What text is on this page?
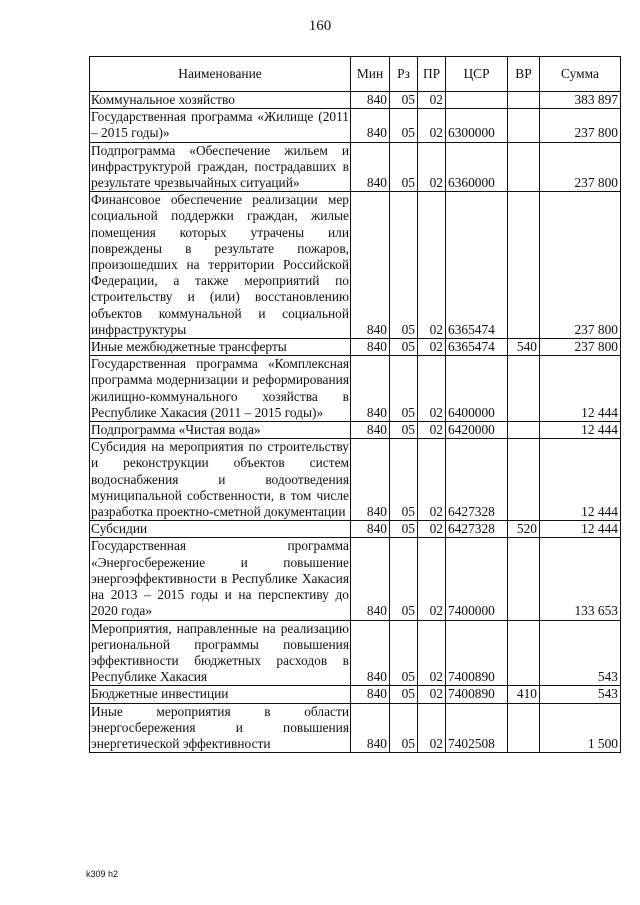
160
Наименование	Мин	Рз	ПР	ЦСР	ВР	Сумма
Коммунальное хозяйство	840	05	02			383 897
Государственная программа «Жилище (2011 – 2015 годы)»	840	05	02	6300000		237 800
Подпрограмма «Обеспечение жильем и инфраструктурой граждан, пострадавших в результате чрезвычайных ситуаций»	840	05	02	6360000		237 800
Финансовое обеспечение реализации мер социальной поддержки граждан, жилые помещения которых утрачены или повреждены в результате пожаров, произошедших на территории Российской Федерации, а также мероприятий по строительству и (или) восстановлению объектов коммунальной и социальной инфраструктуры	840	05	02	6365474		237 800
Иные межбюджетные трансферты	840	05	02	6365474	540	237 800
Государственная программа «Комплексная программа модернизации и реформирования жилищно-коммунального хозяйства в Республике Хакасия (2011 – 2015 годы)»	840	05	02	6400000		12 444
Подпрограмма «Чистая вода»	840	05	02	6420000		12 444
Субсидия на мероприятия по строительству и реконструкции объектов систем водоснабжения и водоотведения муниципальной собственности, в том числе разработка проектно-сметной документации	840	05	02	6427328		12 444
Субсидии	840	05	02	6427328	520	12 444
Государственная программа «Энергосбережение и повышение энергоэффективности в Республике Хакасия на 2013 – 2015 годы и на перспективу до 2020 года»	840	05	02	7400000		133 653
Мероприятия, направленные на реализацию региональной программы повышения эффективности бюджетных расходов в Республике Хакасия	840	05	02	7400890		543
Бюджетные инвестиции	840	05	02	7400890	410	543
Иные мероприятия в области энергосбережения и повышения энергетической эффективности	840	05	02	7402508		1 500
k309 h2
